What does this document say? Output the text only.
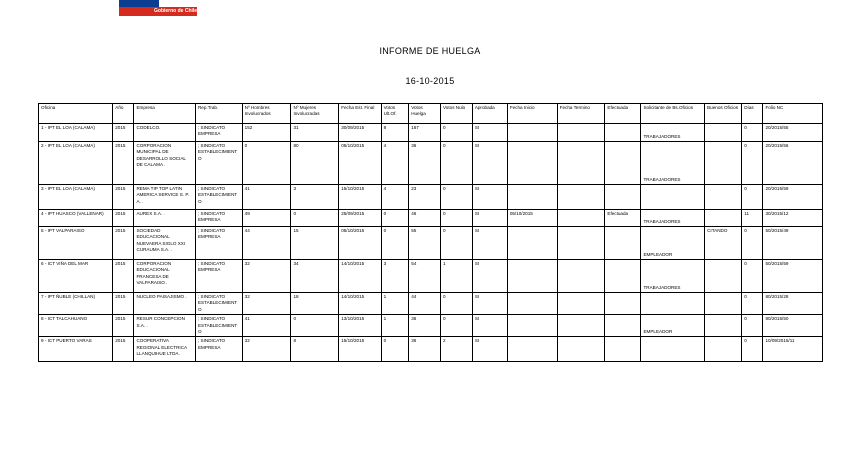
Gobierno de Chile
INFORME DE HUELGA
16-10-2015
Oficina	Año	Empresa	Rep.Trab.	Nº Hombres Involucrados	Nº Mujeres Involucradas	Fecha Est. Final	Votos Ult.Of.	Votos Huelga	Votos Nulo	Aprobada	Fecha Inicio	Fecha Termino	Efectuada	Solicitante de Bs.Oficios	Buenos Oficios	Días	Folio NC
1 - IPT EL LOA (CALAMA)	2015	CODELCO.	; SINDICATO EMPRESA	152	31	30/09/2015	8	167	0	SI				TRABAJADORES		0	20/2015/55
2 - IPT EL LOA (CALAMA)	2015	CORPORACION MUNICIPAL DE DESARROLLO SOCIAL DE CALAMA .	; SINDICATO ESTABLECIMIENTO	0	80	05/10/2015	4	36	0	SI				TRABAJADORES		0	20/2015/56
3 - IPT EL LOA (CALAMA)	2015	REMA TIP TOP LATIN AMERICA SERVICE S. P. A. .	; SINDICATO ESTABLECIMIENTO	41	3	15/10/2015	4	23	0	SI						0	20/2015/59
4 - IPT HUASCO (VALLENAR)	2015	AUREX S.A. .	; SINDICATO EMPRESA	49	0	25/09/2015	0	46	0	SI	05/10/2015		Efectuada	TRABAJADORES		11	30/2015/12
5 - IPT VALPARAISO	2015	SOCIEDAD EDUCACIONAL NUEVAERA SIGLO XXI CURAUMA S.A. .	; SINDICATO EMPRESA	44	15	05/10/2015	0	55	0	SI				EMPLEADOR	CITANDO	0	50/2015/49
6 - ICT VIÑA DEL MAR	2015	CORPORACION EDUCACIONAL FRANCESA DE VALPARAISO .	; SINDICATO EMPRESA	32	34	14/10/2015	3	54	1	SI				TRABAJADORES		0	50/2015/59
7 - IPT ÑUBLE (CHILLAN)	2015	NUCLEO PAISAJISMO .	; SINDICATO ESTABLECIMIENTO	32	18	14/10/2015	1	44	0	SI						0	80/2015/28
8 - ICT TALCAHUANO	2015	RESUR CONCEPCION S.A. .	; SINDICATO ESTABLECIMIENTO	41	0	13/10/2015	1	36	0	SI				EMPLEADOR		0	80/2015/50
9 - ICT PUERTO VARAS	2015	COOPERATIVA REGIONAL ELECTRICA LLANQUIHUE LTDA.	; SINDICATO EMPRESA	32	8	15/10/2015	0	36	2	SI						0	10/09/2015/11
